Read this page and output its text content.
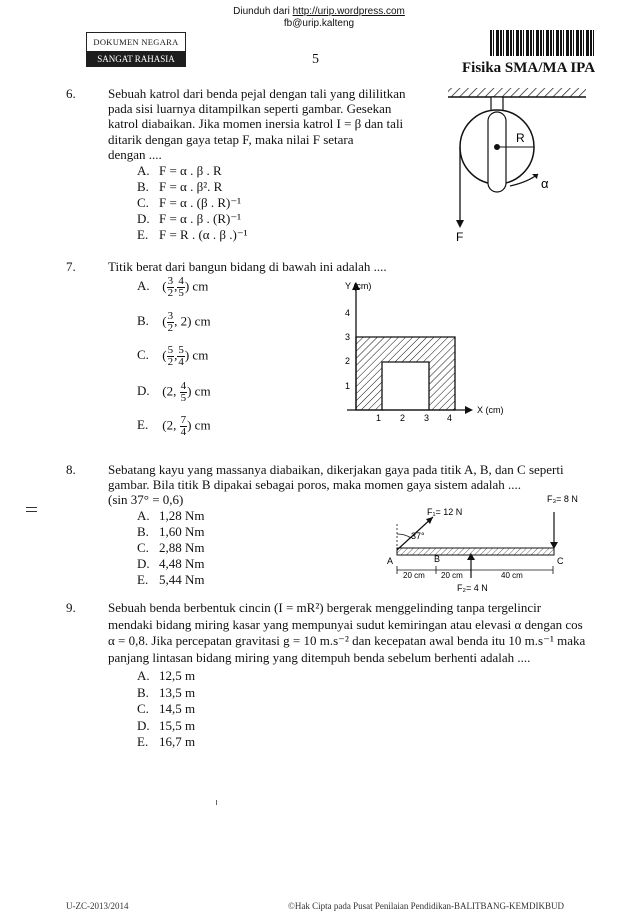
Diunduh dari http://urip.wordpress.com
fb@urip.kalteng
DOKUMEN NEGARA
SANGAT RAHASIA	5
Fisika SMA/MA IPA
6. Sebuah katrol dari benda pejal dengan tali yang dililitkan
pada sisi luarnya ditampilkan seperti gambar. Gesekan
katrol diabaikan. Jika momen inersia katrol I = β dan tali
ditarik dengan gaya tetap F, maka nilai F setara
dengan ....
A. F = α . β . R
B. F = α . β². R
C. F = α . (β . R)⁻¹
D. F = α . β . (R)⁻¹
E. F = R . (α . β .)⁻¹
R
F
α
7. Titik berat dari bangun bidang di bawah ini adalah ....
A. ( $\frac{3}{2}$ , $\frac{4}{5}$ ) cm
B. ( $\frac{3}{2}$ , 2) cm
C. ( $\frac{5}{2}$ , $\frac{5}{4}$ ) cm
D. (2, $\frac{4}{5}$ ) cm
E. (2, $\frac{7}{4}$ ) cm
Y (cm)
X (cm)
1 2 3 4
1
2
3
4
8. Sebatang kayu yang massanya diabaikan, dikerjakan gaya pada titik A, B, dan C seperti
gambar. Bila titik B dipakai sebagai poros, maka momen gaya sistem adalah ....
(sin 37° = 0,6)
A. 1,28 Nm
B. 1,60 Nm
C. 2,88 Nm
D. 4,48 Nm
E. 5,44 Nm
F₃= 8 N
F₁= 12 N
37°
A	B	C
20 cm 20 cm	40 cm
F₂= 4 N
9. Sebuah benda berbentuk cincin (I = mR²) bergerak menggelinding tanpa tergelincir
mendaki bidang miring kasar yang mempunyai sudut kemiringan atau elevasi α dengan cos
α = 0,8. Jika percepatan gravitasi g = 10 m.s⁻² dan kecepatan awal benda itu 10 m.s⁻¹ maka
panjang lintasan bidang miring yang ditempuh benda sebelum berhenti adalah ....
A. 12,5 m
B. 13,5 m
C. 14,5 m
D. 15,5 m
E. 16,7 m
U-ZC-2013/2014	©Hak Cipta pada Pusat Penilaian Pendidikan-BALITBANG-KEMDIKBUD
